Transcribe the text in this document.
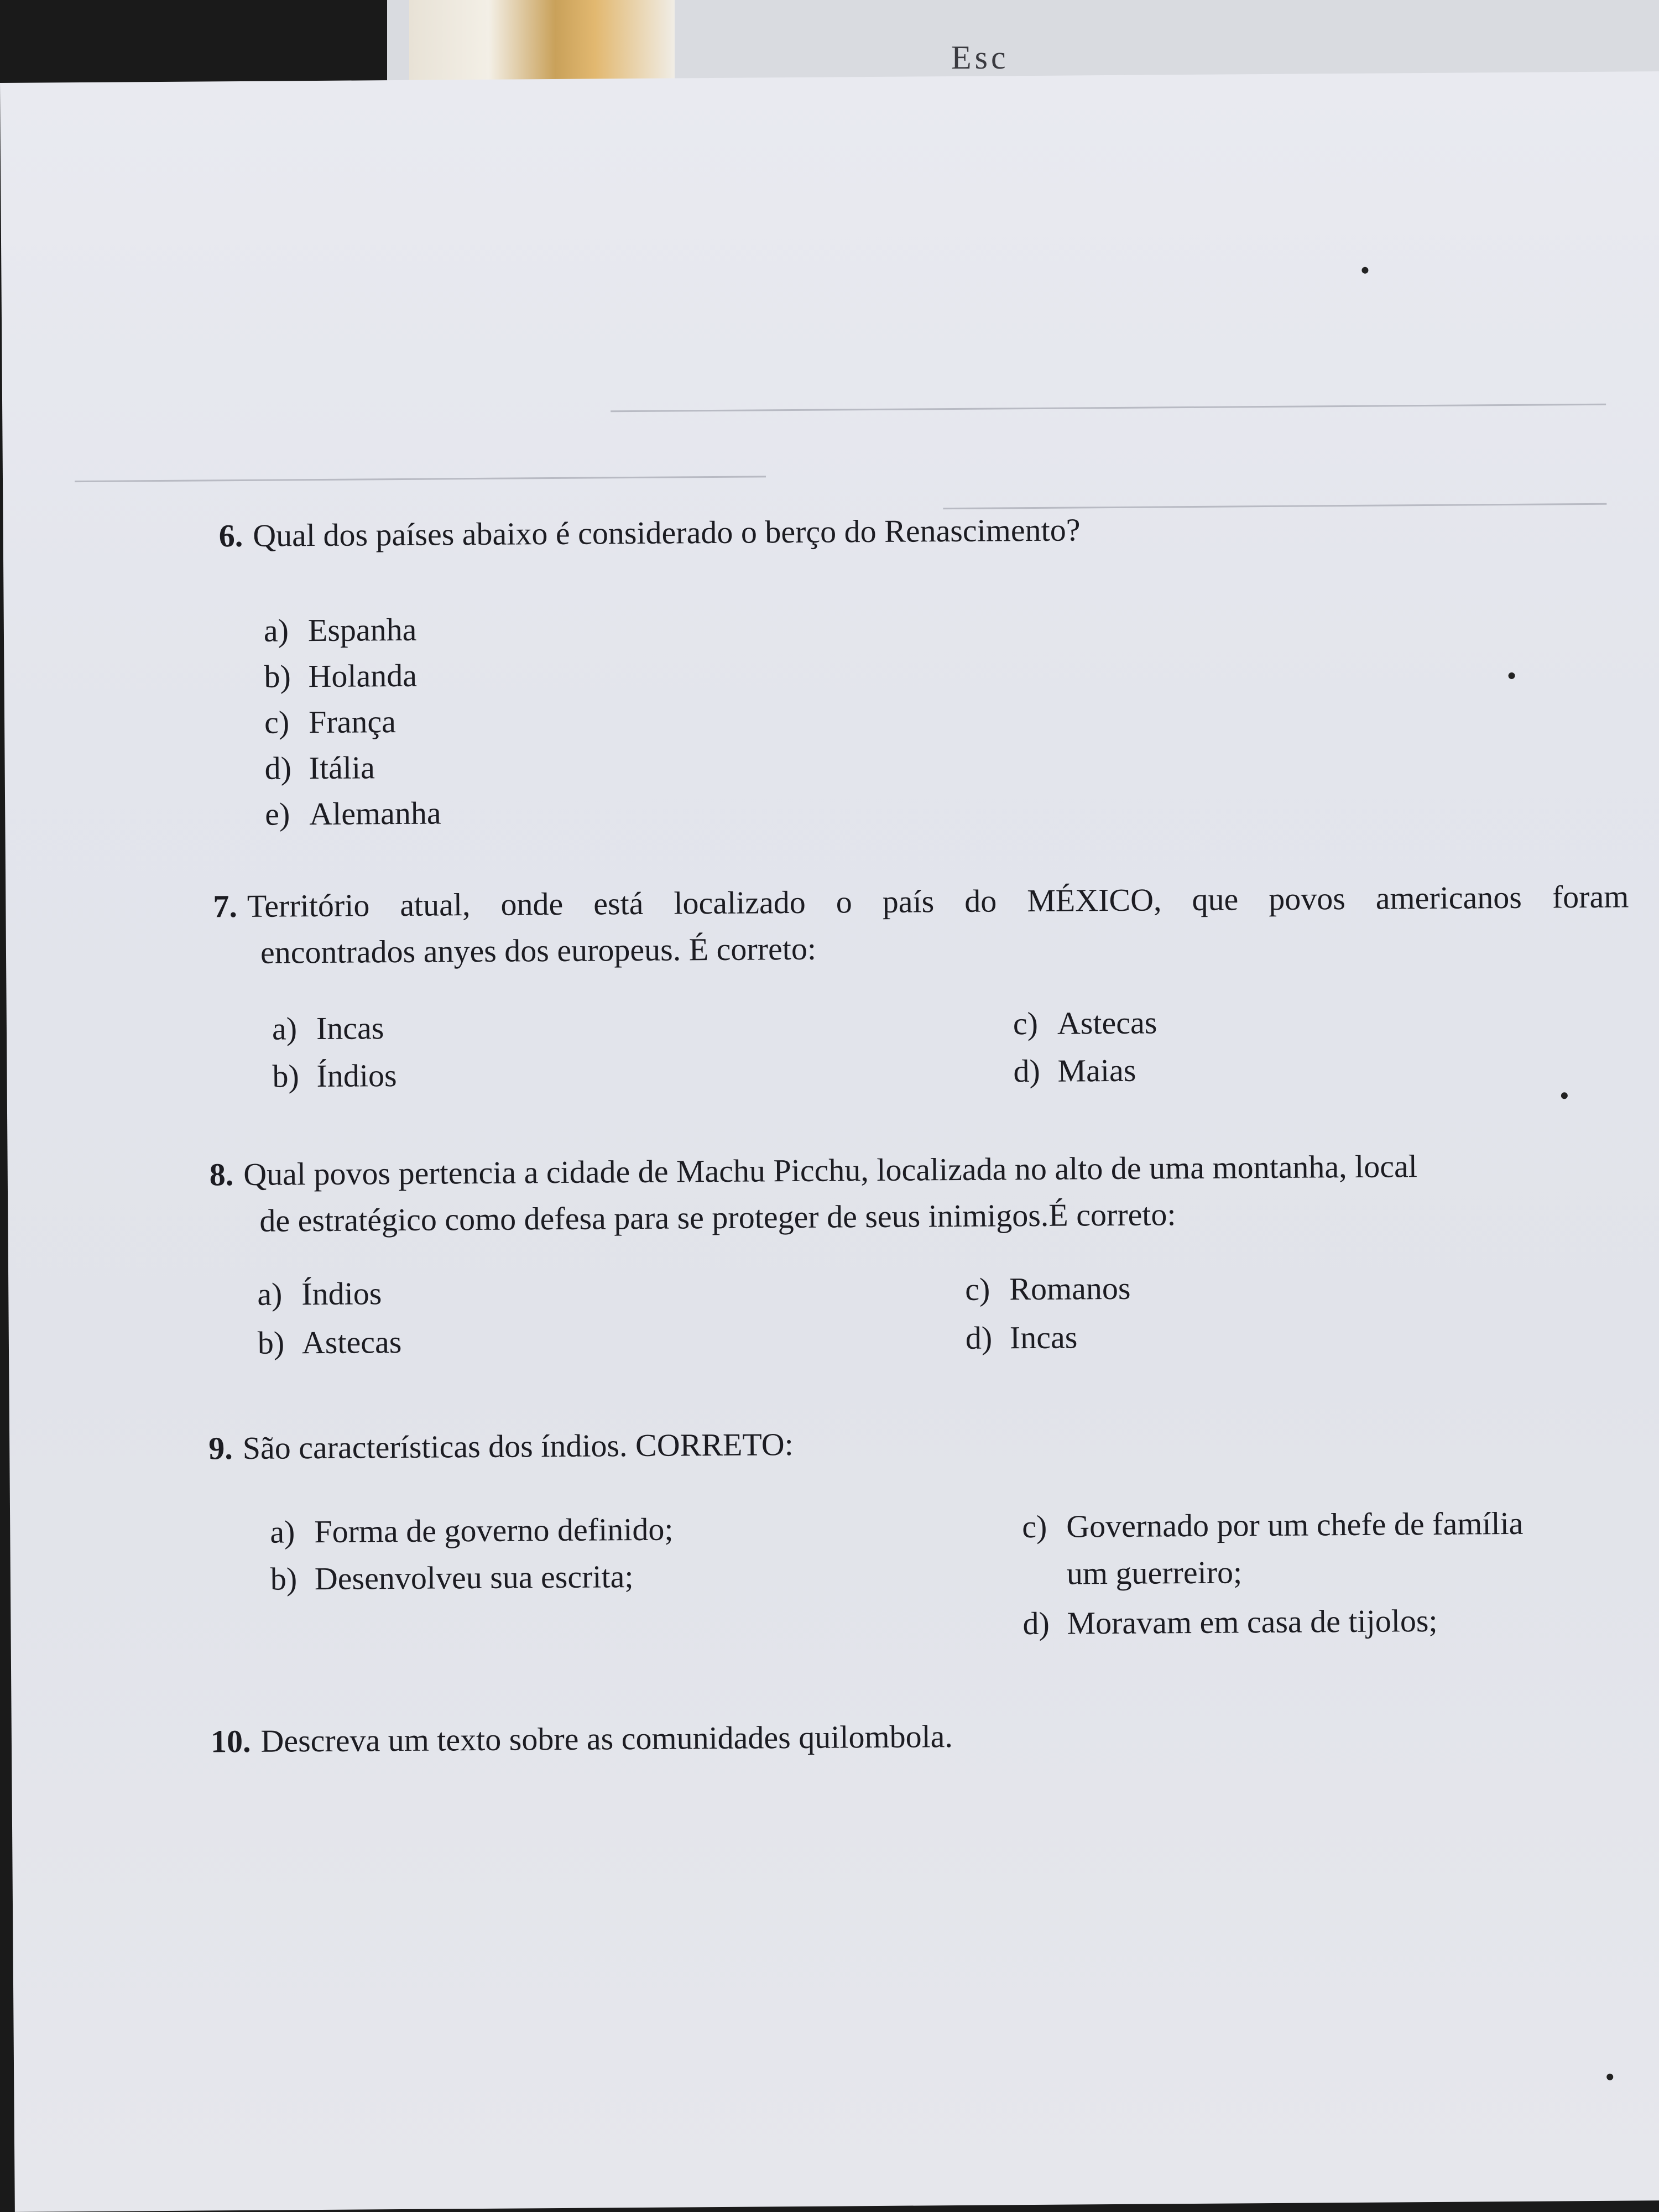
Esc
6. Qual dos países abaixo é considerado o berço do Renascimento?
a) Espanha
b) Holanda
c) França
d) Itália
e) Alemanha
7. Território atual, onde está localizado o país do MÉXICO, que povos americanos foram
encontrados anyes dos europeus. É correto:
a) Incas
b) Índios
c) Astecas
d) Maias
8. Qual povos pertencia a cidade de Machu Picchu, localizada no alto de uma montanha, local
de estratégico como defesa para se proteger de seus inimigos.É correto:
a) Índios
b) Astecas
c) Romanos
d) Incas
9. São características dos índios. CORRETO:
a) Forma de governo definido;
b) Desenvolveu sua escrita;
c) Governado por um chefe de família
um guerreiro;
d) Moravam em casa de tijolos;
10. Descreva um texto sobre as comunidades quilombola.
